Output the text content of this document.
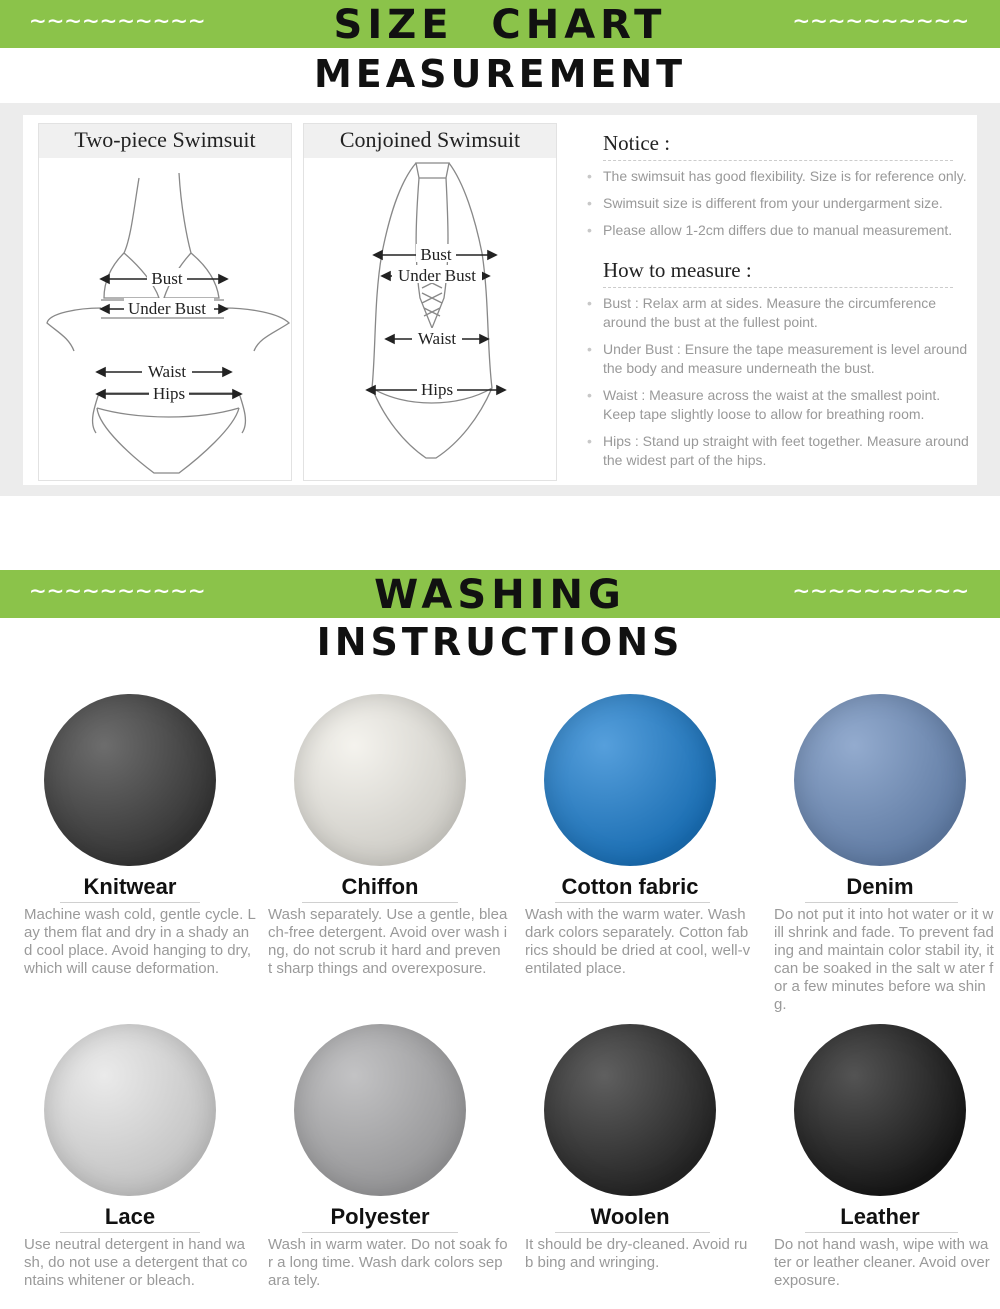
~~~~~~~~~~	SIZE  CHART	~~~~~~~~~~
MEASUREMENT
Two-piece Swimsuit
Bust
Under Bust
Waist
Hips
Conjoined Swimsuit
Bust
Under Bust
Waist
Hips
Notice :
• The swimsuit has good flexibility. Size is for reference only.
• Swimsuit size is different from your undergarment size.
• Please allow 1-2cm differs due to manual measurement.
How to measure :
• Bust : Relax arm at sides. Measure the circumference around the bust at the fullest point.
• Under Bust : Ensure the tape measurement is level around the body and measure underneath the bust.
• Waist : Measure across the waist at the smallest point. Keep tape slightly loose to allow for breathing room.
• Hips : Stand up straight with feet together. Measure around the widest part of the hips.
~~~~~~~~~~	WASHING	~~~~~~~~~~
INSTRUCTIONS
Knitwear
Machine wash cold, gentle cycle. Lay them flat and dry in a shady and cool place. Avoid hanging to dry, which will cause deformation.
Chiffon
Wash separately. Use a gentle, blea ch-free detergent. Avoid over wash ing, do not scrub it hard and preven t sharp things and overexposure.
Cotton fabric
Wash with the warm water. Wash dark colors separately. Cotton fab rics should be dried at cool, well-v entilated place.
Denim
Do not put it into hot water or it will shrink and fade. To prevent fading and maintain color stabil ity, it can be soaked in the salt w ater for a few minutes before wa shing.
Lace
Use neutral detergent in hand wa sh, do not use a detergent that co ntains whitener or bleach.
Polyester
Wash in warm water. Do not soak for a long time. Wash dark colors separa tely.
Woolen
It should be dry-cleaned. Avoid rub bing and wringing.
Leather
Do not hand wash, wipe with wa ter or leather cleaner. Avoid over exposure.
